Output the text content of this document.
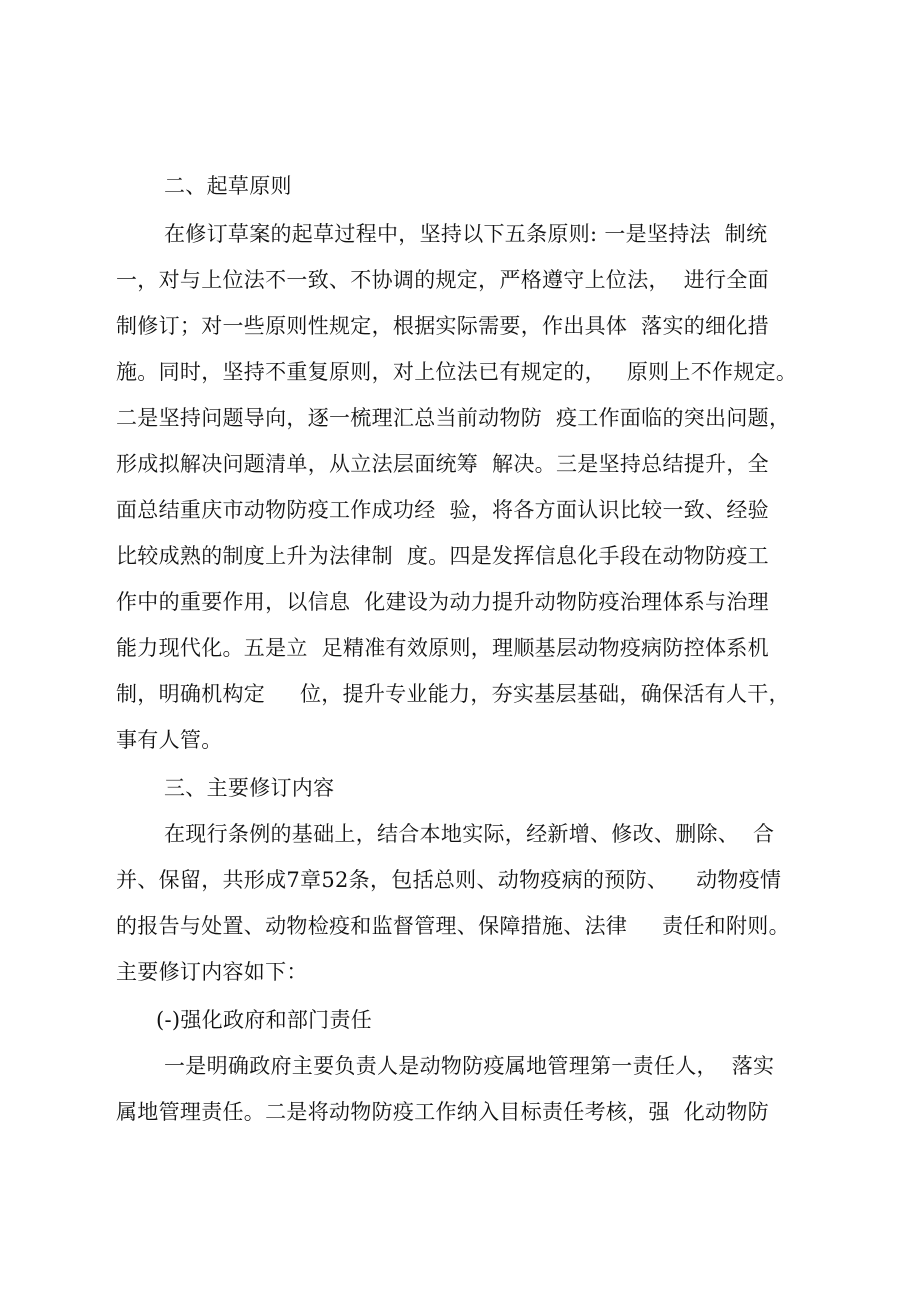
二、起草原则
在修订草案的起草过程中，坚持以下五条原则: 一是坚持法  制统
一，对与上位法不一致、不协调的规定，严格遵守上位法，  进行全面
制修订；对一些原则性规定，根据实际需要，作出具体  落实的细化措
施。同时，坚持不重复原则，对上位法已有规定的，   原则上不作规定。
二是坚持问题导向，逐一梳理汇总当前动物防  疫工作面临的突出问题，
形成拟解决问题清单，从立法层面统筹  解决。三是坚持总结提升，全
面总结重庆市动物防疫工作成功经  验，将各方面认识比较一致、经验
比较成熟的制度上升为法律制  度。四是发挥信息化手段在动物防疫工
作中的重要作用，以信息  化建设为动力提升动物防疫治理体系与治理
能力现代化。五是立  足精准有效原则，理顺基层动物疫病防控体系机
制，明确机构定     位，提升专业能力，夯实基层基础，确保活有人干，
事有人管。
三、主要修订内容
在现行条例的基础上，结合本地实际，经新增、修改、删除、  合
并、保留，共形成7章52条，包括总则、动物疫病的预防、    动物疫情
的报告与处置、动物检疫和监督管理、保障措施、法律     责任和附则。
主要修订内容如下：
(-)强化政府和部门责任
一是明确政府主要负责人是动物防疫属地管理第一责任人，  落实
属地管理责任。二是将动物防疫工作纳入目标责任考核，强  化动物防
